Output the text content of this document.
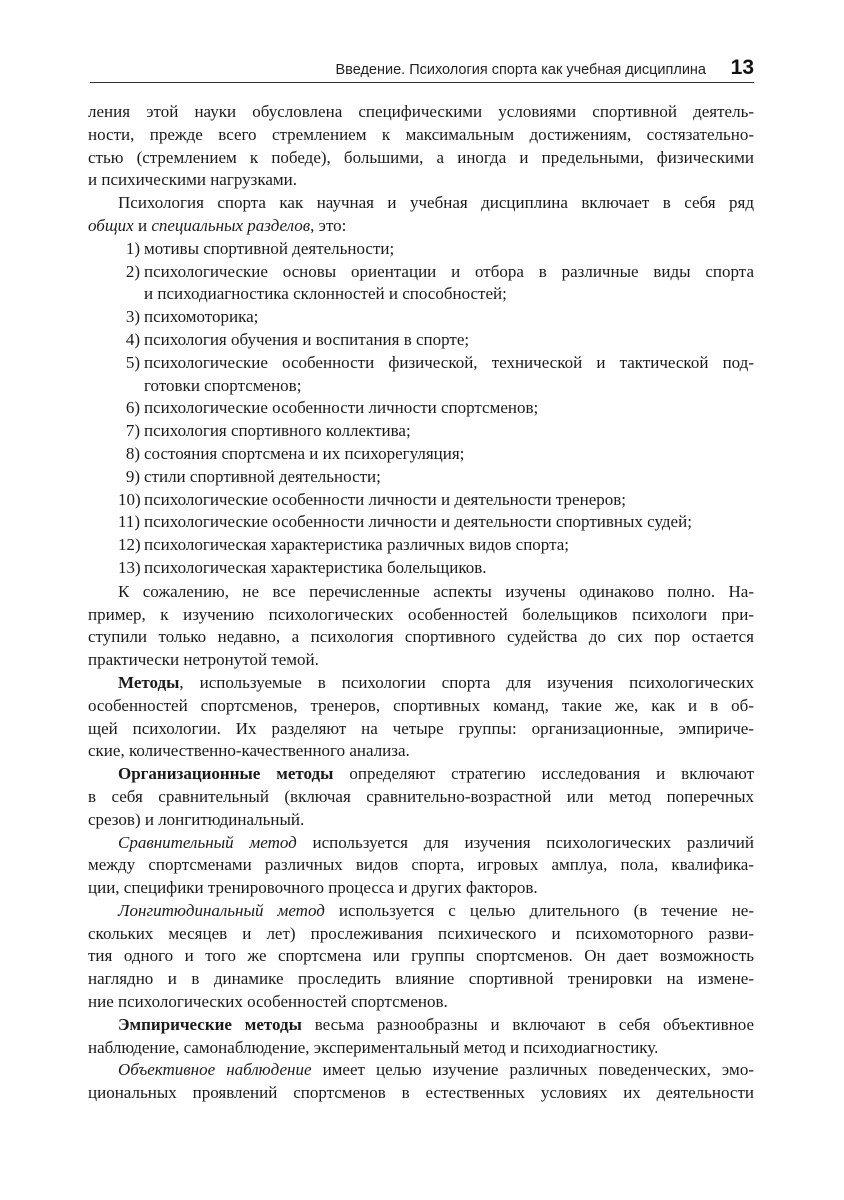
Введение. Психология спорта как учебная дисциплина 13
ления этой науки обусловлена специфическими условиями спортивной деятель-
ности, прежде всего стремлением к максимальным достижениям, состязательно-
стью (стремлением к победе), большими, а иногда и предельными, физическими
и психическими нагрузками.
Психология спорта как научная и учебная дисциплина включает в себя ряд
общих и специальных разделов, это:
1) мотивы спортивной деятельности;
2) психологические основы ориентации и отбора в различные виды спорта
и психодиагностика склонностей и способностей;
3) психомоторика;
4) психология обучения и воспитания в спорте;
5) психологические особенности физической, технической и тактической под-
готовки спортсменов;
6) психологические особенности личности спортсменов;
7) психология спортивного коллектива;
8) состояния спортсмена и их психорегуляция;
9) стили спортивной деятельности;
10) психологические особенности личности и деятельности тренеров;
11) психологические особенности личности и деятельности спортивных судей;
12) психологическая характеристика различных видов спорта;
13) психологическая характеристика болельщиков.
К сожалению, не все перечисленные аспекты изучены одинаково полно. На-
пример, к изучению психологических особенностей болельщиков психологи при-
ступили только недавно, а психология спортивного судейства до сих пор остается
практически нетронутой темой.
Методы, используемые в психологии спорта для изучения психологических
особенностей спортсменов, тренеров, спортивных команд, такие же, как и в об-
щей психологии. Их разделяют на четыре группы: организационные, эмпириче-
ские, количественно-качественного анализа.
Организационные методы определяют стратегию исследования и включают
в себя сравнительный (включая сравнительно-возрастной или метод поперечных
срезов) и лонгитюдинальный.
Сравнительный метод используется для изучения психологических различий
между спортсменами различных видов спорта, игровых амплуа, пола, квалифика-
ции, специфики тренировочного процесса и других факторов.
Лонгитюдинальный метод используется с целью длительного (в течение не-
скольких месяцев и лет) прослеживания психического и психомоторного разви-
тия одного и того же спортсмена или группы спортсменов. Он дает возможность
наглядно и в динамике проследить влияние спортивной тренировки на измене-
ние психологических особенностей спортсменов.
Эмпирические методы весьма разнообразны и включают в себя объективное
наблюдение, самонаблюдение, экспериментальный метод и психодиагностику.
Объективное наблюдение имеет целью изучение различных поведенческих, эмо-
циональных проявлений спортсменов в естественных условиях их деятельности
